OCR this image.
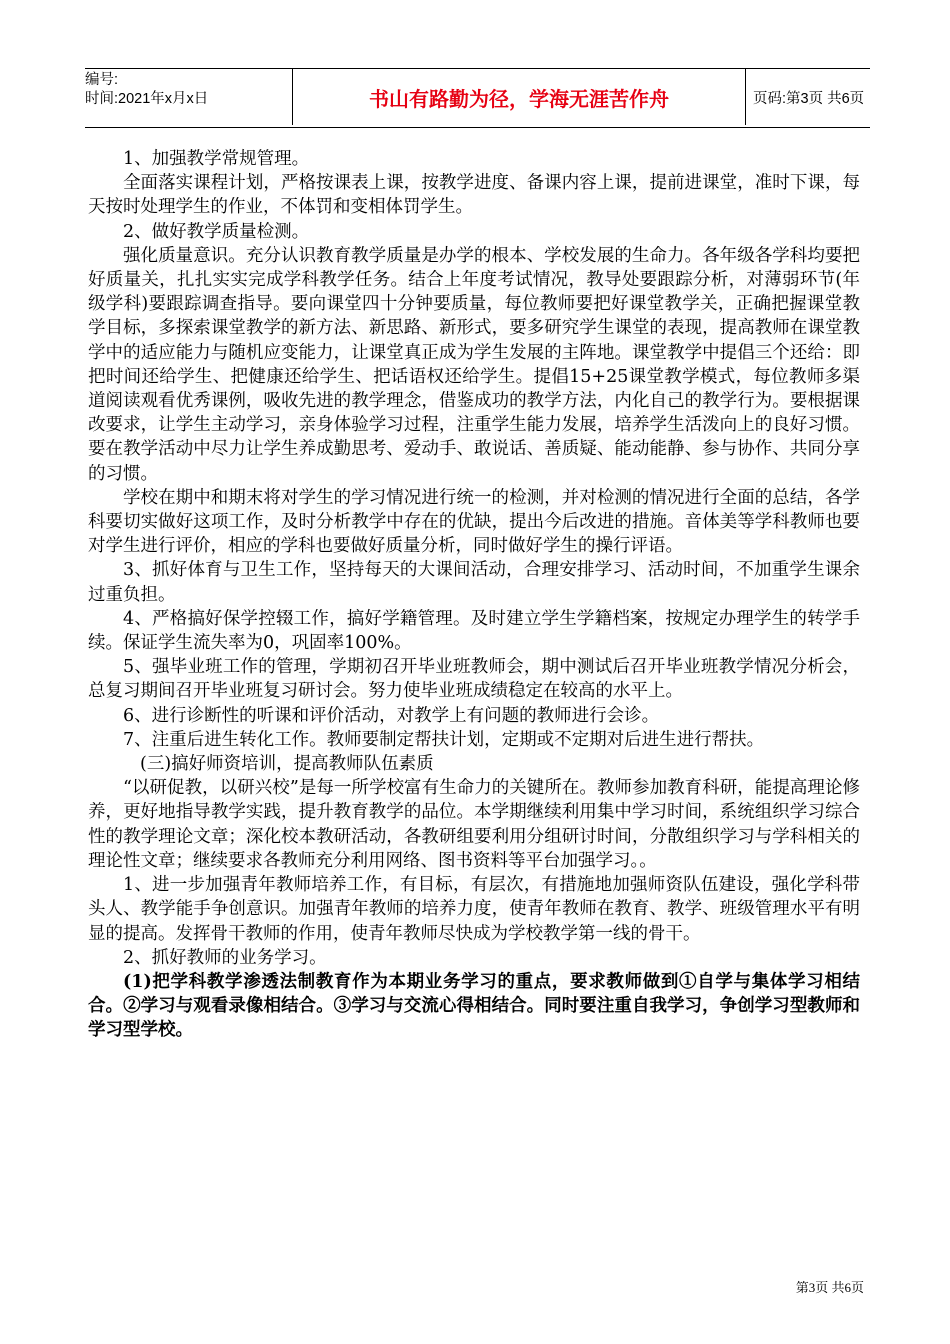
编号:
时间:2021年x月x日	书山有路勤为径，学海无涯苦作舟	页码:第3页 共6页

1、加强教学常规管理。

全面落实课程计划，严格按课表上课，按教学进度、备课内容上课，提前进课堂，准时下课，每天按时处理学生的作业，不体罚和变相体罚学生。

2、做好教学质量检测。

强化质量意识。充分认识教育教学质量是办学的根本、学校发展的生命力。各年级各学科均要把好质量关，扎扎实实完成学科教学任务。结合上年度考试情况，教导处要跟踪分析，对薄弱环节(年级学科)要跟踪调查指导。要向课堂四十分钟要质量，每位教师要把好课堂教学关，正确把握课堂教学目标，多探索课堂教学的新方法、新思路、新形式，要多研究学生课堂的表现，提高教师在课堂教学中的适应能力与随机应变能力，让课堂真正成为学生发展的主阵地。课堂教学中提倡三个还给：即把时间还给学生、把健康还给学生、把话语权还给学生。提倡15+25课堂教学模式，每位教师多渠道阅读观看优秀课例，吸收先进的教学理念，借鉴成功的教学方法，内化自己的教学行为。要根据课改要求，让学生主动学习，亲身体验学习过程，注重学生能力发展，培养学生活泼向上的良好习惯。要在教学活动中尽力让学生养成勤思考、爱动手、敢说话、善质疑、能动能静、参与协作、共同分享的习惯。

学校在期中和期末将对学生的学习情况进行统一的检测，并对检测的情况进行全面的总结，各学科要切实做好这项工作，及时分析教学中存在的优缺，提出今后改进的措施。音体美等学科教师也要对学生进行评价，相应的学科也要做好质量分析，同时做好学生的操行评语。

3、抓好体育与卫生工作，坚持每天的大课间活动，合理安排学习、活动时间，不加重学生课余过重负担。

4、严格搞好保学控辍工作，搞好学籍管理。及时建立学生学籍档案，按规定办理学生的转学手续。保证学生流失率为0，巩固率100%。

5、强毕业班工作的管理，学期初召开毕业班教师会，期中测试后召开毕业班教学情况分析会，总复习期间召开毕业班复习研讨会。努力使毕业班成绩稳定在较高的水平上。

6、进行诊断性的听课和评价活动，对教学上有问题的教师进行会诊。

7、注重后进生转化工作。教师要制定帮扶计划，定期或不定期对后进生进行帮扶。

(三)搞好师资培训，提高教师队伍素质

“以研促教，以研兴校”是每一所学校富有生命力的关键所在。教师参加教育科研，能提高理论修养，更好地指导教学实践，提升教育教学的品位。本学期继续利用集中学习时间，系统组织学习综合性的教学理论文章；深化校本教研活动，各教研组要利用分组研讨时间，分散组织学习与学科相关的理论性文章；继续要求各教师充分利用网络、图书资料等平台加强学习。。

1、进一步加强青年教师培养工作，有目标，有层次，有措施地加强师资队伍建设，强化学科带头人、教学能手争创意识。加强青年教师的培养力度，使青年教师在教育、教学、班级管理水平有明显的提高。发挥骨干教师的作用，使青年教师尽快成为学校教学第一线的骨干。

2、抓好教师的业务学习。

(1)把学科教学渗透法制教育作为本期业务学习的重点，要求教师做到①自学与集体学习相结合。②学习与观看录像相结合。③学习与交流心得相结合。同时要注重自我学习，争创学习型教师和学习型学校。

第3页 共6页
